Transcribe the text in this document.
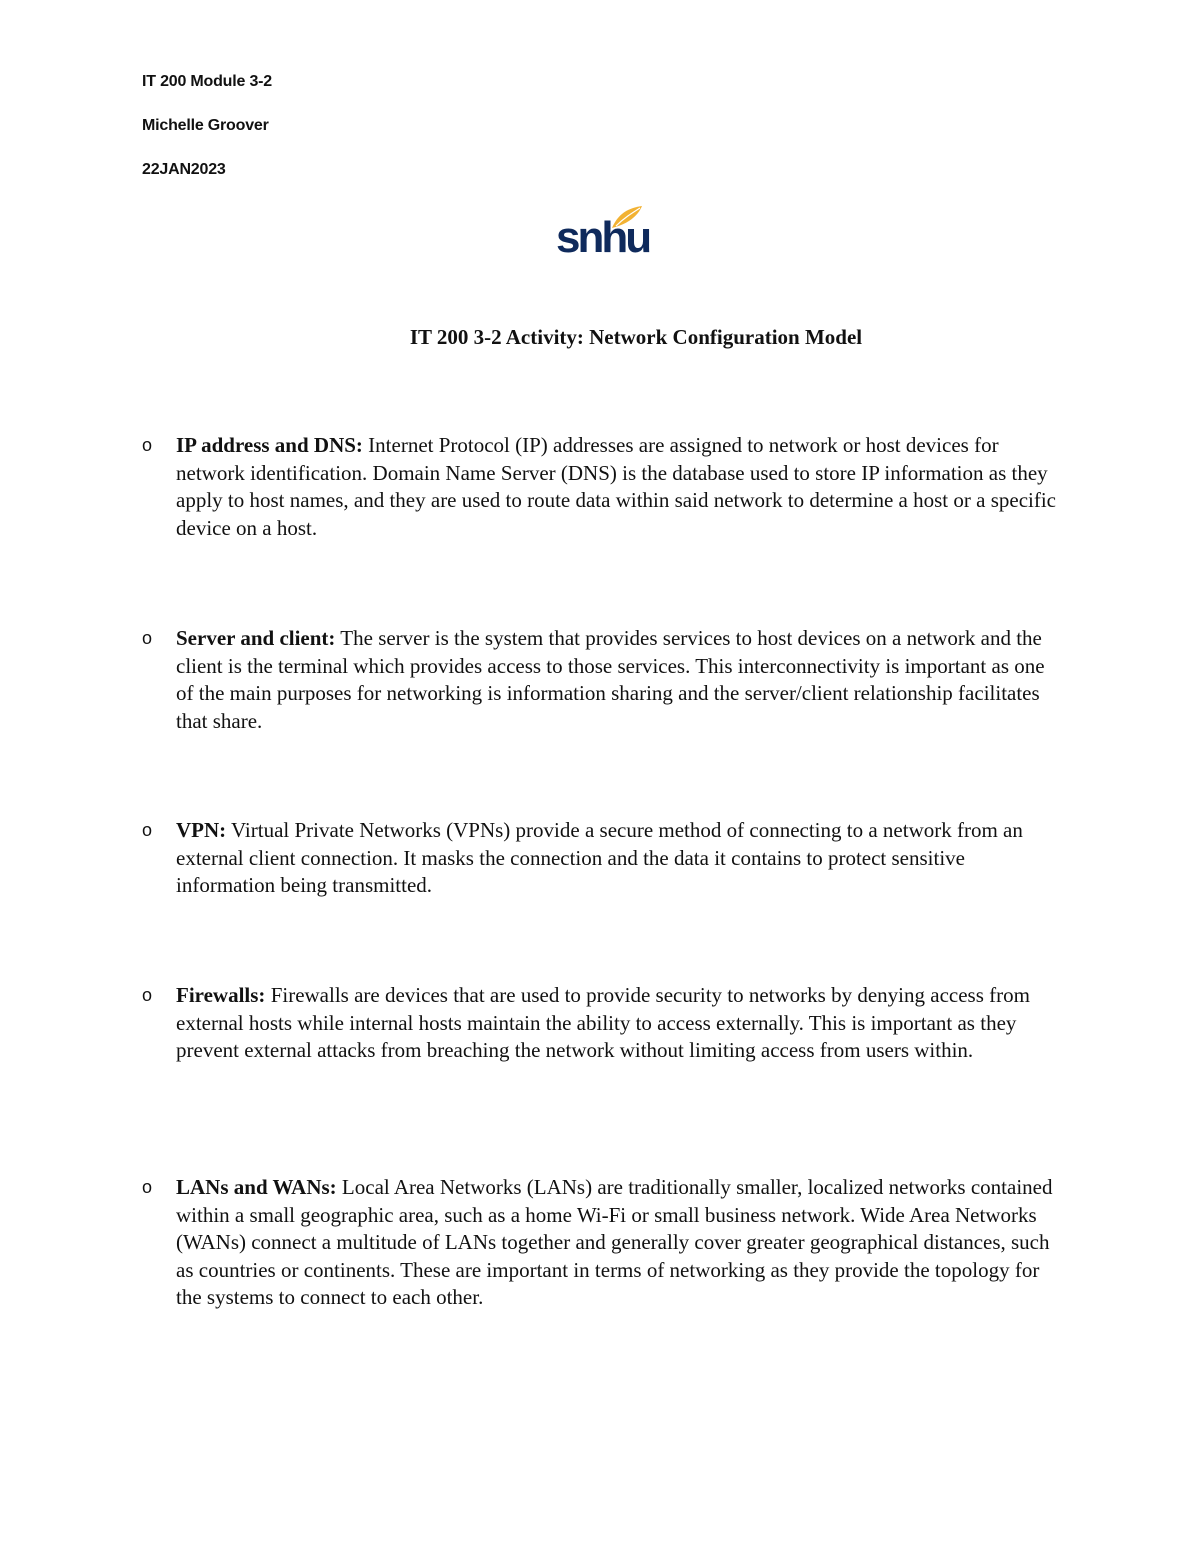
IT 200 Module 3-2
Michelle Groover
22JAN2023
snhu
IT 200 3-2 Activity: Network Configuration Model
o IP address and DNS: Internet Protocol (IP) addresses are assigned to network or host devices for network identification. Domain Name Server (DNS) is the database used to store IP information as they apply to host names, and they are used to route data within said network to determine a host or a specific device on a host.
o Server and client: The server is the system that provides services to host devices on a network and the client is the terminal which provides access to those services. This interconnectivity is important as one of the main purposes for networking is information sharing and the server/client relationship facilitates that share.
o VPN: Virtual Private Networks (VPNs) provide a secure method of connecting to a network from an external client connection. It masks the connection and the data it contains to protect sensitive information being transmitted.
o Firewalls: Firewalls are devices that are used to provide security to networks by denying access from external hosts while internal hosts maintain the ability to access externally. This is important as they prevent external attacks from breaching the network without limiting access from users within.
o LANs and WANs: Local Area Networks (LANs) are traditionally smaller, localized networks contained within a small geographic area, such as a home Wi-Fi or small business network. Wide Area Networks (WANs) connect a multitude of LANs together and generally cover greater geographical distances, such as countries or continents. These are important in terms of networking as they provide the topology for the systems to connect to each other.
